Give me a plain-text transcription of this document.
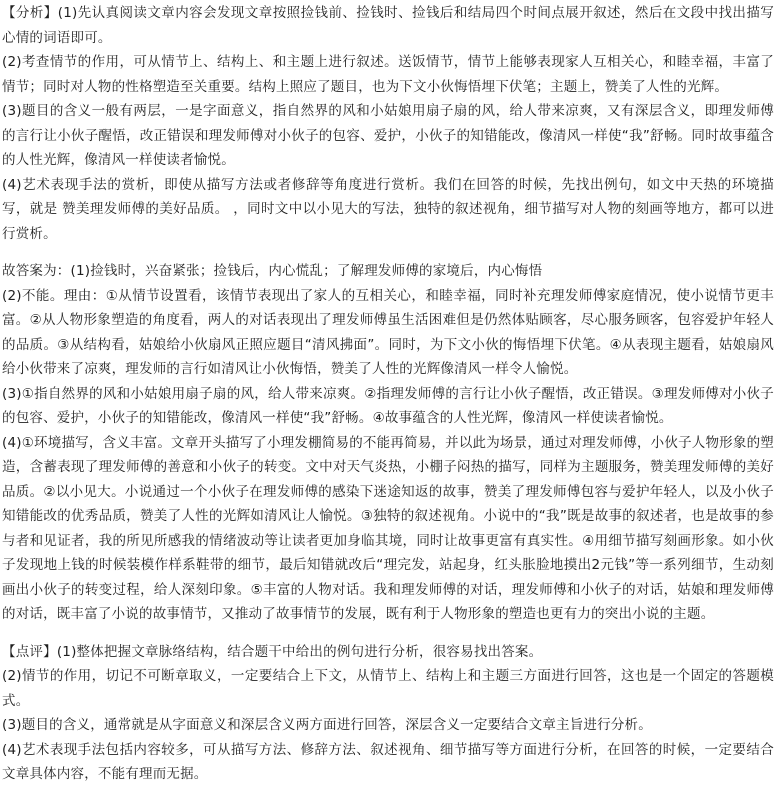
【分析】(1)先认真阅读文章内容会发现文章按照捡钱前、捡钱时、捡钱后和结局四个时间点展开叙述，然后在文段中找出描写心情的词语即可。

(2)考查情节的作用，可从情节上、结构上、和主题上进行叙述。送饭情节，情节上能够表现家人互相关心，和睦幸福，丰富了情节；同时对人物的性格塑造至关重要。结构上照应了题目，也为下文小伙悔悟埋下伏笔；主题上，赞美了人性的光辉。

(3)题目的含义一般有两层，一是字面意义，指自然界的风和小姑娘用扇子扇的风，给人带来凉爽，又有深层含义，即理发师傅的言行让小伙子醒悟，改正错误和理发师傅对小伙子的包容、爱护，小伙子的知错能改，像清风一样使“我”舒畅。同时故事蕴含的人性光辉，像清风一样使读者愉悦。

(4)艺术表现手法的赏析，即使从描写方法或者修辞等角度进行赏析。我们在回答的时候，先找出例句，如文中天热的环境描写，就是 赞美理发师傅的美好品质。 ，同时文中以小见大的写法，独特的叙述视角，细节描写对人物的刻画等地方，都可以进行赏析。

故答案为：(1)捡钱时，兴奋紧张；捡钱后，内心慌乱；了解理发师傅的家境后，内心悔悟

(2)不能。理由：①从情节设置看，该情节表现出了家人的互相关心，和睦幸福，同时补充理发师傅家庭情况，使小说情节更丰富。②从人物形象塑造的角度看，两人的对话表现出了理发师傅虽生活困难但是仍然体贴顾客，尽心服务顾客，包容爱护年轻人的品质。③从结构看，姑娘给小伙扇风正照应题目“清风拂面”。同时，为下文小伙的悔悟埋下伏笔。④从表现主题看，姑娘扇风给小伙带来了凉爽，理发师的言行如清风让小伙悔悟，赞美了人性的光辉像清风一样令人愉悦。

(3)①指自然界的风和小姑娘用扇子扇的风，给人带来凉爽。②指理发师傅的言行让小伙子醒悟，改正错误。③理发师傅对小伙子的包容、爱护，小伙子的知错能改，像清风一样使“我”舒畅。④故事蕴含的人性光辉，像清风一样使读者愉悦。

(4)①环境描写，含义丰富。文章开头描写了小理发棚简易的不能再简易，并以此为场景，通过对理发师傅，小伙子人物形象的塑造，含蓄表现了理发师傅的善意和小伙子的转变。文中对天气炎热，小棚子闷热的描写，同样为主题服务，赞美理发师傅的美好品质。②以小见大。小说通过一个小伙子在理发师傅的感染下迷途知返的故事，赞美了理发师傅包容与爱护年轻人，以及小伙子知错能改的优秀品质，赞美了人性的光辉如清风让人愉悦。③独特的叙述视角。小说中的“我”既是故事的叙述者，也是故事的参与者和见证者，我的所见所感我的情绪波动等让读者更加身临其境，同时让故事更富有真实性。④用细节描写刻画形象。如小伙子发现地上钱的时候装模作样系鞋带的细节，最后知错就改后“理完发，站起身，红头胀脸地摸出2元钱”等一系列细节，生动刻画出小伙子的转变过程，给人深刻印象。⑤丰富的人物对话。我和理发师傅的对话，理发师傅和小伙子的对话，姑娘和理发师傅的对话，既丰富了小说的故事情节，又推动了故事情节的发展，既有利于人物形象的塑造也更有力的突出小说的主题。

【点评】(1)整体把握文章脉络结构，结合题干中给出的例句进行分析，很容易找出答案。

(2)情节的作用，切记不可断章取义，一定要结合上下文，从情节上、结构上和主题三方面进行回答，这也是一个固定的答题模式。

(3)题目的含义，通常就是从字面意义和深层含义两方面进行回答，深层含义一定要结合文章主旨进行分析。

(4)艺术表现手法包括内容较多，可从描写方法、修辞方法、叙述视角、细节描写等方面进行分析，在回答的时候，一定要结合文章具体内容，不能有理而无据。
